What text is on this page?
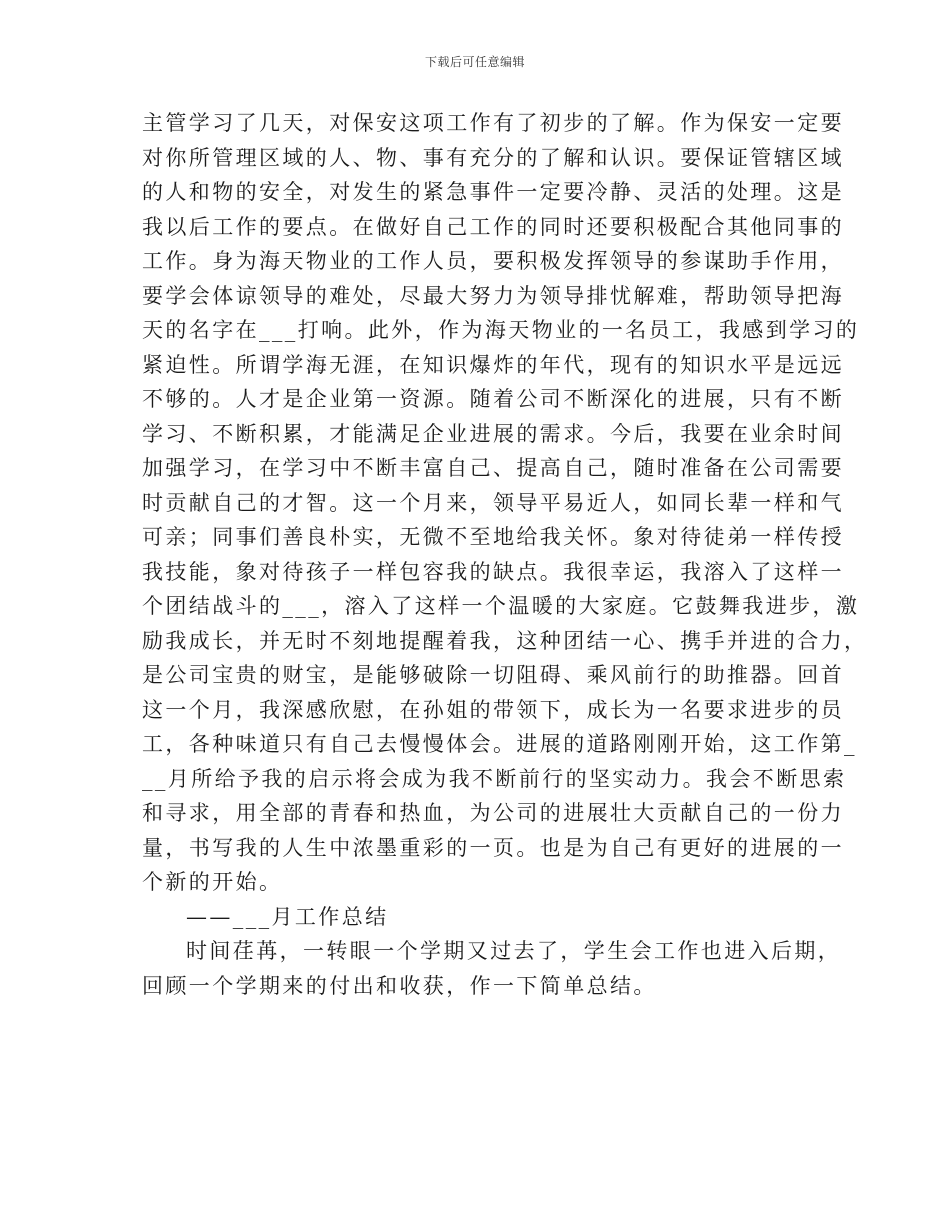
下载后可任意编辑
主管学习了几天，对保安这项工作有了初步的了解。作为保安一定要
对你所管理区域的人、物、事有充分的了解和认识。要保证管辖区域
的人和物的安全，对发生的紧急事件一定要冷静、灵活的处理。这是
我以后工作的要点。在做好自己工作的同时还要积极配合其他同事的
工作。身为海天物业的工作人员，要积极发挥领导的参谋助手作用，
要学会体谅领导的难处，尽最大努力为领导排忧解难，帮助领导把海
天的名字在___打响。此外，作为海天物业的一名员工，我感到学习的
紧迫性。所谓学海无涯，在知识爆炸的年代，现有的知识水平是远远
不够的。人才是企业第一资源。随着公司不断深化的进展，只有不断
学习、不断积累，才能满足企业进展的需求。今后，我要在业余时间
加强学习，在学习中不断丰富自己、提高自己，随时准备在公司需要
时贡献自己的才智。这一个月来，领导平易近人，如同长辈一样和气
可亲；同事们善良朴实，无微不至地给我关怀。象对待徒弟一样传授
我技能，象对待孩子一样包容我的缺点。我很幸运，我溶入了这样一
个团结战斗的___，溶入了这样一个温暖的大家庭。它鼓舞我进步，激
励我成长，并无时不刻地提醒着我，这种团结一心、携手并进的合力，
是公司宝贵的财宝，是能够破除一切阻碍、乘风前行的助推器。回首
这一个月，我深感欣慰，在孙姐的带领下，成长为一名要求进步的员
工，各种味道只有自己去慢慢体会。进展的道路刚刚开始，这工作第_
__月所给予我的启示将会成为我不断前行的坚实动力。我会不断思索
和寻求，用全部的青春和热血，为公司的进展壮大贡献自己的一份力
量，书写我的人生中浓墨重彩的一页。也是为自己有更好的进展的一
个新的开始。
——___月工作总结
时间荏苒，一转眼一个学期又过去了，学生会工作也进入后期，
回顾一个学期来的付出和收获，作一下简单总结。
